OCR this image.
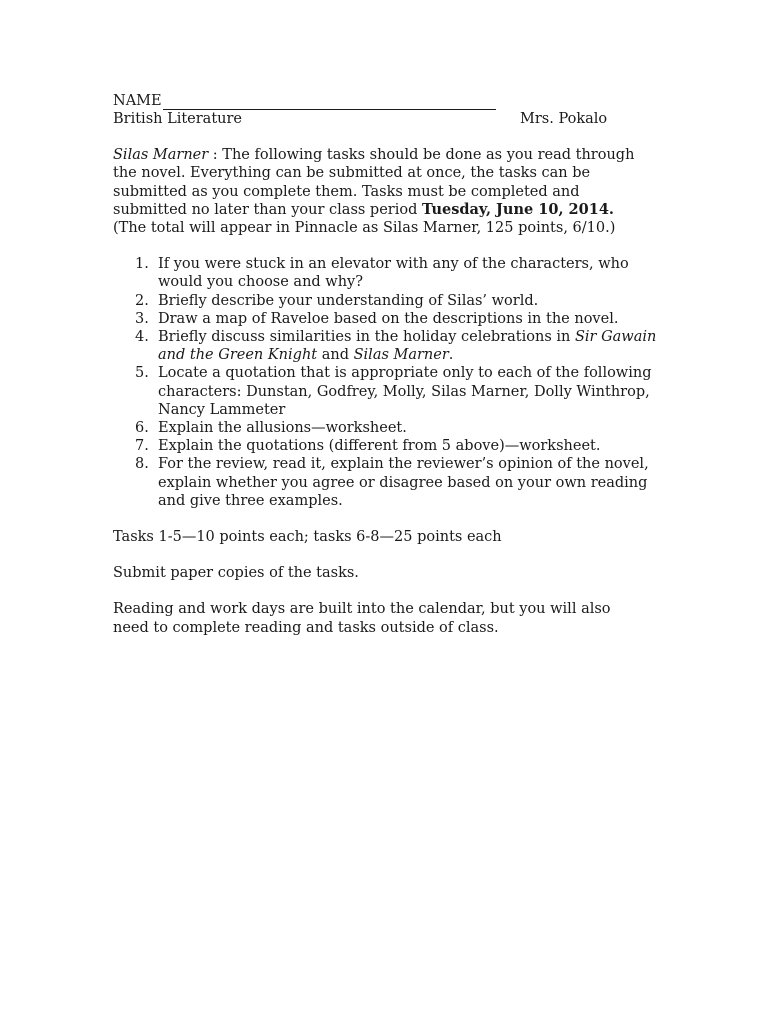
NAME
British Literature	Mrs. Pokalo
Silas Marner : The following tasks should be done as you read through the novel. Everything can be submitted at once, the tasks can be submitted as you complete them. Tasks must be completed and submitted no later than your class period Tuesday, June 10, 2014. (The total will appear in Pinnacle as Silas Marner, 125 points, 6/10.)
1. If you were stuck in an elevator with any of the characters, who would you choose and why?
2. Briefly describe your understanding of Silas’ world.
3. Draw a map of Raveloe based on the descriptions in the novel.
4. Briefly discuss similarities in the holiday celebrations in Sir Gawain and the Green Knight and Silas Marner.
5. Locate a quotation that is appropriate only to each of the following characters: Dunstan, Godfrey, Molly, Silas Marner, Dolly Winthrop, Nancy Lammeter
6. Explain the allusions—worksheet.
7. Explain the quotations (different from 5 above)—worksheet.
8. For the review, read it, explain the reviewer’s opinion of the novel, explain whether you agree or disagree based on your own reading and give three examples.
Tasks 1-5—10 points each; tasks 6-8—25 points each
Submit paper copies of the tasks.
Reading and work days are built into the calendar, but you will also need to complete reading and tasks outside of class.
